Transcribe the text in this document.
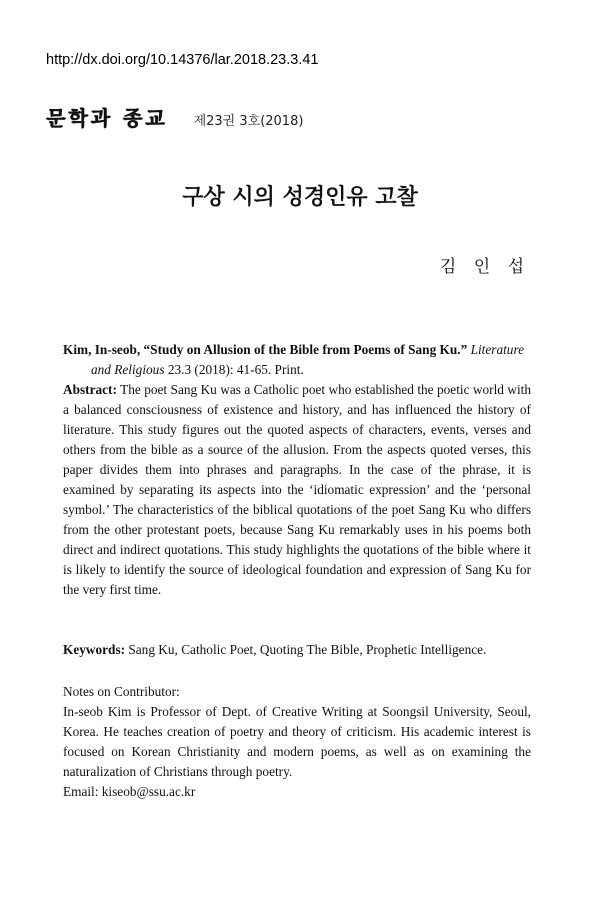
http://dx.doi.org/10.14376/lar.2018.23.3.41
문학과 종교 제23권 3호(2018)
구상 시의 성경인유 고찰
김 인 섭
Kim, In-seob, “Study on Allusion of the Bible from Poems of Sang Ku.” Literature
and Religious 23.3 (2018): 41-65. Print.
Abstract: The poet Sang Ku was a Catholic poet who established the poetic world with a balanced consciousness of existence and history, and has influenced the history of literature. This study figures out the quoted aspects of characters, events, verses and others from the bible as a source of the allusion. From the aspects quoted verses, this paper divides them into phrases and paragraphs. In the case of the phrase, it is examined by separating its aspects into the ‘idiomatic expression’ and the ‘personal symbol.’ The characteristics of the biblical quotations of the poet Sang Ku who differs from the other protestant poets, because Sang Ku remarkably uses in his poems both direct and indirect quotations. This study highlights the quotations of the bible where it is likely to identify the source of ideological foundation and expression of Sang Ku for the very first time.
Keywords: Sang Ku, Catholic Poet, Quoting The Bible, Prophetic Intelligence.
Notes on Contributor:
In-seob Kim is Professor of Dept. of Creative Writing at Soongsil University, Seoul, Korea. He teaches creation of poetry and theory of criticism. His academic interest is focused on Korean Christianity and modern poems, as well as on examining the naturalization of Christians through poetry.
Email: kiseob@ssu.ac.kr
